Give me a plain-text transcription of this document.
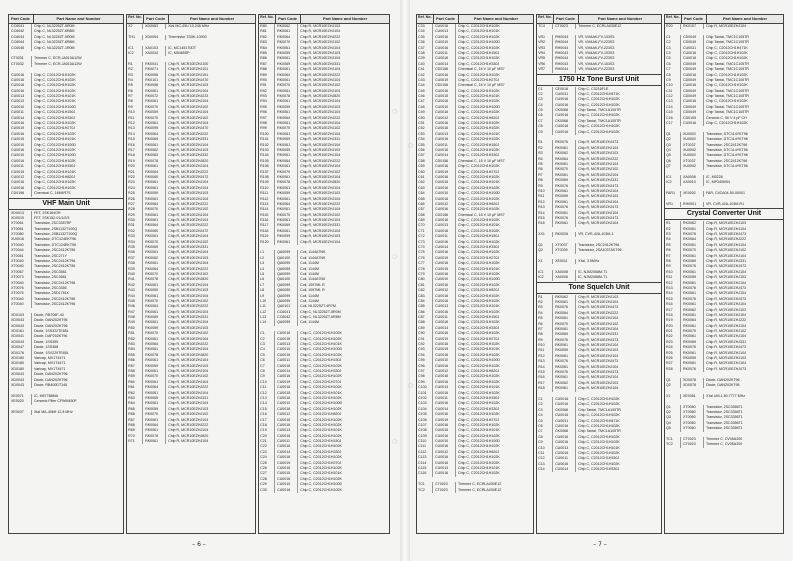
◌
◌
◌
◌
◌
Part Code	Part Name and Number
CC6041	Chip C, NL3225ZT-5R0M
CC6042	Chip C, NL3225ZT-6R8M
CC6043	Chip C, NL3225ZT-5R0M
CC6044	Chip C, NL3225ZT-6R8M
CC6045	Chip C, NL3225ZT-1R0M
CT0031	Trimmer C, ECR-JA010A12W
CT0032	Trimmer C, ECR-JA010A12W
CU0016	Chip C, C2012CH1H102K
CU0016	Chip C, C2012CH1H102K
CU0016	Chip C, C2012CH1H102K
CU0016	Chip C, C2012CH1H102K
CU0013	Chip C, C2012CH1H101K
CU0013	Chip C, C2012CH1H101K
CU0010	Chip C, C2012CH1H100D
CU0011	Chip C, C2012CH1H150J
CU0014	Chip C, C2012CH1H330J
CU0016	Chip C, C2012CH1H102K
CU0019	Chip C, C2012CH1H270J
CU0016	Chip C, C2012CH1H102K
CU0015	Chip C, C2012CH1H101K
CU0010	Chip C, C2012CH1H100D
CU0016	Chip C, C2012CH1H102K
CU0010	Chip C, C2012CH1H100D
CU0016	Chip C, C2012CH1H102K
CU0011	Chip C, C2012CH1H150J
CU0015	Chip C, C2012CH1H101K
CU0012	Chip C, C2012CH1H820J
CU0016	Chip C, C2012CH1H102K
CU0016	Chip C, C2012CH1H102K
CD0196	Chemical C, 16M4R7S
VHF Main Unit
XD0013	FET, 2SK184GR
XD0015	FET, 2SK152-01/1/2/3
XT0061	Transistor, 2SC3357RF
XT0061	Transistor, 2SB1132T100Q
XT0080	Transistor, 2SB1132T100Q
XU0016	Transistor, DTC124EKT96
XT0040	Transistor, DTC124EKT96
XT0044	Transistor, 2SC2412KT96
XT0061	Transistor, 2SC271Y
XT0040	Transistor, 2SC2412KT96
XT0040	Transistor, 2SC2412KT96
XT0067	Transistor, 2SC3581
XT0073	Transistor, 2SC3581
XT0040	Transistor, 2SC2412KT96
XT0076	Transistor, 2SC3356
XT0075	Transistor, 2SD1781K
XT0040	Transistor, 2SC2412KT96
XT0040	Transistor, 2SC2412KT96
XD0103	Diode, RB706F-40
XD0043	Diode, DAN202KT96
XD0043	Diode, DAN202KT96
XD0161	Diode, 1SS322TE85L
XD0041	Diode, DAP202KT96
XD0043	Diode, 1SS355
XD0047	Diode, 1SS368
XD0176	Diode, 1SV229TE85L
XD0180	Varicap, MV1T4471
XD0180	Varicap, MV1T4471
XD0180	Varicap, MV1T4471
XD0043	Diode, DAN202KT96
XD0043	Diode, DAN202KT96
XD0043	Diode, RB400DT146
XE0071	IC, M57788MA
XE0020	Ceramic Filter CFWM450F
XE0037	Xtal MA-406H 12.8 MHz
Ref. No.	Part Code	Part Name and Number
X2	XD0063	Xtal MC-49U 10.245 MHz
TH1	XD0094	Thermistor TD5K-10000
IC1	XA0103	IC, MC145170DT
IC2	XA0034	IC, M5465SP
R1	RK0041	Chip R, MCR10EZHJ100
R2	RK0071	Chip R, MCR10EZHJ101
R3	RK0096	Chip R, MCR10EZHJ151
R4	RK0101	Chip R, MCR10EZHJ470
R5	RK0096	Chip R, MCR10EZHJ103
R6	RK0061	Chip R, MCR10EZHJ104
R7	RK0072	Chip R, MCR10EZHJ223
R8	RK0061	Chip R, MCR10EZHJ104
R9	RK0070	Chip R, MCR10EZHJ102
R10	RK0059	Chip R, MCR10EZHJ104
R11	RK0070	Chip R, MCR10EZHJ102
R12	RK0061	Chip R, MCR10EZHJ104
R13	RK0095	Chip R, MCR10EZHJ470
R14	RK0064	Chip R, MCR10EZHJ222
R15	RK0069	Chip R, MCR10EZHJ331
R16	RK0061	Chip R, MCR10EZHJ104
R17	RK0062	Chip R, MCR10EZHJ103
R18	RK0083	Chip R, MCR10EZHJ332
R19	RK0078	Chip R, MCR10EZHJ820
R20	RK0061	Chip R, MCR10EZHJ104
R21	RK0064	Chip R, MCR10EZHJ222
R22	RK0060	Chip R, MCR10EZHJ472
R23	RK0061	Chip R, MCR10EZHJ104
R24	RK0061	Chip R, MCR10EZHJ104
R25	RK0059	Chip R, MCR10EZHJ103
R26	RK0061	Chip R, MCR10EZHJ104
R27	RK0064	Chip R, MCR10EZHJ222
R28	RK0070	Chip R, MCR10EZHJ102
R29	RK0061	Chip R, MCR10EZHJ104
R30	RK0061	Chip R, MCR10EZHJ104
R31	RK0064	Chip R, MCR10EZHJ222
R32	RK0060	Chip R, MCR10EZHJ472
R33	RK0061	Chip R, MCR10EZHJ104
R34	RK0070	Chip R, MCR10EZHJ102
R35	RK0069	Chip R, MCR10EZHJ331
R36	RK0061	Chip R, MCR10EZHJ104
R37	RK0062	Chip R, MCR10EZHJ103
R38	RK0061	Chip R, MCR10EZHJ104
R39	RK0064	Chip R, MCR10EZHJ222
R40	RK0070	Chip R, MCR10EZHJ102
R41	RK0078	Chip R, MCR10EZHJ820
R42	RK0061	Chip R, MCR10EZHJ104
R43	RK0059	Chip R, MCR10EZHJ103
R44	RK0061	Chip R, MCR10EZHJ104
R45	RK0070	Chip R, MCR10EZHJ102
R46	RK0064	Chip R, MCR10EZHJ222
R47	RK0061	Chip R, MCR10EZHJ104
R48	RK0069	Chip R, MCR10EZHJ331
R49	RK0061	Chip R, MCR10EZHJ104
R50	RK0059	Chip R, MCR10EZHJ103
R51	RK0070	Chip R, MCR10EZHJ102
R52	RK0061	Chip R, MCR10EZHJ104
R53	RK0064	Chip R, MCR10EZHJ222
R54	RK0061	Chip R, MCR10EZHJ104
R55	RK0078	Chip R, MCR10EZHJ820
R56	RK0061	Chip R, MCR10EZHJ104
R57	RK0059	Chip R, MCR10EZHJ103
R58	RK0061	Chip R, MCR10EZHJ104
R59	RK0070	Chip R, MCR10EZHJ102
R60	RK0061	Chip R, MCR10EZHJ104
R61	RK0064	Chip R, MCR10EZHJ222
R62	RK0061	Chip R, MCR10EZHJ104
R63	RK0069	Chip R, MCR10EZHJ331
R64	RK0061	Chip R, MCR10EZHJ104
R65	RK0059	Chip R, MCR10EZHJ103
R66	RK0070	Chip R, MCR10EZHJ102
R67	RK0061	Chip R, MCR10EZHJ104
R68	RK0064	Chip R, MCR10EZHJ222
R69	RK0061	Chip R, MCR10EZHJ104
R70	RK0078	Chip R, MCR10EZHJ820
R71	RK0061	Chip R, MCR10EZHJ104
Ref. No.	Part Code	Part Name and Number
R80	RK0062	Chip R, MCR10EZHJ103
R81	RK0061	Chip R, MCR10EZHJ104
R82	RK0064	Chip R, MCR10EZHJ222
R83	RK0070	Chip R, MCR10EZHJ102
R84	RK0061	Chip R, MCR10EZHJ104
R85	RK0059	Chip R, MCR10EZHJ103
R86	RK0061	Chip R, MCR10EZHJ104
R87	RK0069	Chip R, MCR10EZHJ331
R88	RK0061	Chip R, MCR10EZHJ104
R89	RK0064	Chip R, MCR10EZHJ222
R90	RK0061	Chip R, MCR10EZHJ104
R91	RK0070	Chip R, MCR10EZHJ102
R92	RK0061	Chip R, MCR10EZHJ104
R93	RK0078	Chip R, MCR10EZHJ820
R94	RK0061	Chip R, MCR10EZHJ104
R95	RK0059	Chip R, MCR10EZHJ103
R96	RK0061	Chip R, MCR10EZHJ104
R97	RK0064	Chip R, MCR10EZHJ222
R98	RK0061	Chip R, MCR10EZHJ104
R99	RK0070	Chip R, MCR10EZHJ102
R100	RK0061	Chip R, MCR10EZHJ104
R101	RK0069	Chip R, MCR10EZHJ331
R102	RK0061	Chip R, MCR10EZHJ104
R103	RK0059	Chip R, MCR10EZHJ103
R104	RK0061	Chip R, MCR10EZHJ104
R105	RK0064	Chip R, MCR10EZHJ222
R106	RK0061	Chip R, MCR10EZHJ104
R107	RK0070	Chip R, MCR10EZHJ102
R108	RK0061	Chip R, MCR10EZHJ104
R109	RK0078	Chip R, MCR10EZHJ820
R110	RK0061	Chip R, MCR10EZHJ104
R111	RK0059	Chip R, MCR10EZHJ103
R112	RK0061	Chip R, MCR10EZHJ104
R113	RK0064	Chip R, MCR10EZHJ222
R114	RK0061	Chip R, MCR10EZHJ104
R115	RK0070	Chip R, MCR10EZHJ102
R116	RK0061	Chip R, MCR10EZHJ104
R117	RK0069	Chip R, MCR10EZHJ331
R118	RK0061	Chip R, MCR10EZHJ104
R119	RK0059	Chip R, MCR10EZHJ103
R120	RK0061	Chip R, MCR10EZHJ104
L1	QA0099	Coil, 1144A7NK
L2	QA0100	Coil, 1144A7NK
L3	QA0099	Coil, 1144M
L4	QA0055	Coil, 1144M
L5	QA0099	Coil, 1144M
L6	QA0100	Coil, 1144A7NK
L7	QA0099	Coil, 1097ML R
L8	QA0055	Coil, 1097ML R
L9	QA0099	Coil, 1144M
L10	QA0099	Coil, 1144M
L11	QA0101	Coil, NL3225ZT-4R7M
L12	CC6041	Chip C, NL3225ZT-5R0M
L13	CC6042	Chip C, NL3225ZT-6R8M
L14	QA0099	Coil, 1144M
C1	CU0016	Chip C, C2012CH1H102K
C2	CU0016	Chip C, C2012CH1H102K
C3	CU0013	Chip C, C2012CH1H101K
C4	CU0010	Chip C, C2012CH1H100D
C5	CU0016	Chip C, C2012CH1H102K
C6	CU0011	Chip C, C2012CH1H150J
C7	CU0016	Chip C, C2012CH1H102K
C8	CU0014	Chip C, C2012CH1H330J
C9	CU0016	Chip C, C2012CH1H102K
C10	CU0019	Chip C, C2012CH1H270J
C11	CU0016	Chip C, C2012CH1H102K
C12	CU0015	Chip C, C2012CH1H101K
C13	CU0016	Chip C, C2012CH1H102K
C14	CU0010	Chip C, C2012CH1H100D
C15	CU0016	Chip C, C2012CH1H102K
C16	CU0012	Chip C, C2012CH1H820J
C17	CU0016	Chip C, C2012CH1H102K
C18	CU0016	Chip C, C2012CH1H102K
C19	CU0013	Chip C, C2012CH1H101K
C20	CU0016	Chip C, C2012CH1H102K
C21	CU0011	Chip C, C2012CH1H150J
C22	CU0016	Chip C, C2012CH1H102K
C23	CU0014	Chip C, C2012CH1H330J
C24	CU0016	Chip C, C2012CH1H102K
C25	CU0019	Chip C, C2012CH1H270J
C26	CU0016	Chip C, C2012CH1H102K
C27	CU0015	Chip C, C2012CH1H101K
C28	CU0016	Chip C, C2012CH1H102K
C29	CU0010	Chip C, C2012CH1H100D
C30	CU0016	Chip C, C2012CH1H102K
– 6 –
Ref. No.	Part Code	Part Name and Number
C33	CU0016	Chip C, C2012CH1H102K
C34	CU0013	Chip C, C2012CH1H101K
C35	CU0016	Chip C, C2012CH1H102K
C36	CU0010	Chip C, C2012CH1H100D
C37	CU0016	Chip C, C2012CH1H102K
C38	CU0011	Chip C, C2012CH1H150J
C39	CU0016	Chip C, C2012CH1H102K
C40	CU0014	Chip C, C2012CH1H330J
C41	CD0156	Chemical C, 16 V 10 µF MS7
C42	CU0016	Chip C, C2012CH1H102K
C43	CU0019	Chip C, C2012CH1H270J
C44	CD0156	Chemical C, 16 V 10 µF MS7
C45	CU0016	Chip C, C2012CH1H102K
C46	CU0015	Chip C, C2012CH1H101K
C47	CU0016	Chip C, C2012CH1H102K
C48	CU0010	Chip C, C2012CH1H100D
C49	CU0016	Chip C, C2012CH1H102K
C50	CU0012	Chip C, C2012CH1H820J
C51	CU0016	Chip C, C2012CH1H102K
C52	CU0016	Chip C, C2012CH1H102K
C53	CU0013	Chip C, C2012CH1H101K
C54	CU0016	Chip C, C2012CH1H102K
C55	CU0011	Chip C, C2012CH1H150J
C56	CU0016	Chip C, C2012CH1H102K
C57	CU0014	Chip C, C2012CH1H330J
C58	CD0156	Chemical C, 16 V 10 µF MS7
C59	CU0016	Chip C, C2012CH1H102K
C60	CU0019	Chip C, C2012CH1H270J
C61	CU0016	Chip C, C2012CH1H102K
C62	CU0015	Chip C, C2012CH1H101K
C63	CU0016	Chip C, C2012CH1H102K
C64	CU0010	Chip C, C2012CH1H100D
C65	CU0016	Chip C, C2012CH1H102K
C66	CU0012	Chip C, C2012CH1H820J
C67	CU0016	Chip C, C2012CH1H102K
C68	CD0156	Chemical C, 16 V 10 µF MS7
C69	CU0016	Chip C, C2012CH1H102K
C70	CU0013	Chip C, C2012CH1H101K
C71	CU0016	Chip C, C2012CH1H102K
C72	CU0011	Chip C, C2012CH1H150J
C73	CU0016	Chip C, C2012CH1H102K
C74	CU0014	Chip C, C2012CH1H330J
C75	CU0016	Chip C, C2012CH1H102K
C76	CU0019	Chip C, C2012CH1H270J
C77	CU0016	Chip C, C2012CH1H102K
C78	CU0015	Chip C, C2012CH1H101K
C79	CU0016	Chip C, C2012CH1H102K
C80	CU0010	Chip C, C2012CH1H100D
C81	CU0016	Chip C, C2012CH1H102K
C82	CU0012	Chip C, C2012CH1H820J
C83	CU0016	Chip C, C2012CH1H102K
C84	CU0016	Chip C, C2012CH1H102K
C85	CU0013	Chip C, C2012CH1H101K
C86	CU0016	Chip C, C2012CH1H102K
C87	CU0011	Chip C, C2012CH1H150J
C88	CU0016	Chip C, C2012CH1H102K
C89	CU0014	Chip C, C2012CH1H330J
C90	CU0016	Chip C, C2012CH1H102K
C91	CU0019	Chip C, C2012CH1H270J
C92	CU0016	Chip C, C2012CH1H102K
C93	CU0015	Chip C, C2012CH1H101K
C94	CU0016	Chip C, C2012CH1H102K
C95	CU0010	Chip C, C2012CH1H100D
C96	CU0016	Chip C, C2012CH1H102K
C97	CU0012	Chip C, C2012CH1H820J
C98	CU0016	Chip C, C2012CH1H102K
C99	CU0016	Chip C, C2012CH1H102K
C100	CU0013	Chip C, C2012CH1H101K
C101	CU0016	Chip C, C2012CH1H102K
C102	CU0011	Chip C, C2012CH1H150J
C103	CU0016	Chip C, C2012CH1H102K
C104	CU0014	Chip C, C2012CH1H330J
C105	CU0016	Chip C, C2012CH1H102K
C106	CU0019	Chip C, C2012CH1H270J
C107	CU0016	Chip C, C2012CH1H102K
C108	CU0015	Chip C, C2012CH1H101K
C109	CU0016	Chip C, C2012CH1H102K
C110	CU0010	Chip C, C2012CH1H100D
C111	CU0016	Chip C, C2012CH1H102K
C112	CU0012	Chip C, C2012CH1H820J
C113	CU0016	Chip C, C2012CH1H102K
C114	CU0016	Chip C, C2012CH1H102K
C115	CU0013	Chip C, C2012CH1H101K
C116	CU0016	Chip C, C2012CH1H102K
TC1	CT0023	Trimmer C, ECRLA030E12
TC2	CT0023	Trimmer C, ECRLA030E12
Ref. No.	Part Code	Part Name and Number
TC4	CT0023	Trimmer C, ECRLA030E12
VR1	RH0043	VR, VM4AK-FV-103S3
VR2	RH0044	VR, VM4AK-FV-223S3
VR3	RH0044	VR, VM4AK-FV-223S3
VR4	RH0043	VR, VM4AK-FV-103S3
VR5	RH0044	VR, VM4AK-FV-223S3
VR6	RH0043	VR, VM4AK-FV-103S3
VR7	RH0044	VR, VM4AK-FV-223S3
1750 Hz Tone Burst Unit
C1	CE0018	Chip C, C3216F1E
C2	CU0031	Chip C, C2012CH1H471K
C3	CU0016	Chip C, C2012CH1H102K
C4	CU0016	Chip C, C2012CH1H102K
C5	CK0068	Chip Tantal, TMC1A105TR
C6	CU0016	Chip C, C2012CH1H102K
C7	CK0068	Chip Tantal, TMC1A105TR
C8	CU0016	Chip C, C2012CH1H102K
C9	CU0016	Chip C, C2012CH1H102K
R1	RK0076	Chip R, MCR10EZHJ473
R2	RK0061	Chip R, MCR10EZHJ104
R3	RK0062	Chip R, MCR10EZHJ103
R4	RK0064	Chip R, MCR10EZHJ222
R5	RK0061	Chip R, MCR10EZHJ104
R6	RK0070	Chip R, MCR10EZHJ102
R7	RK0061	Chip R, MCR10EZHJ104
R8	RK0069	Chip R, MCR10EZHJ331
R9	RK0076	Chip R, MCR10EZHJ473
R10	RK0061	Chip R, MCR10EZHJ104
R11	RK0059	Chip R, MCR10EZHJ103
R12	RK0061	Chip R, MCR10EZHJ104
R13	RK0076	Chip R, MCR10EZHJ473
R14	RK0061	Chip R, MCR10EZHJ104
R15	RK0076	Chip R, MCR10EZHJ473
R16	RK0061	Chip R, MCR10EZHJ104
XX1	RK0026	VR, CVR-42A-103M-1
Q1	XT0037	Transistor, 2SC2412KT96
Q2	XT0039	Transistor, 2SA1037AKT96
X1	XE0011	X'tal, 3.5MHz
IC1	XA0008	IC, NJM2068M-T1
IC2	XA0008	IC, NJM2068M-T1
Tone Squelch Unit
R1	RK0062	Chip R, MCR10EZHJ103
R2	RK0061	Chip R, MCR10EZHJ104
R3	RK0076	Chip R, MCR10EZHJ473
R4	RK0064	Chip R, MCR10EZHJ222
R5	RK0061	Chip R, MCR10EZHJ104
R6	RK0070	Chip R, MCR10EZHJ102
R7	RK0061	Chip R, MCR10EZHJ104
R8	RK0069	Chip R, MCR10EZHJ331
R9	RK0076	Chip R, MCR10EZHJ473
R10	RK0061	Chip R, MCR10EZHJ104
R11	RK0059	Chip R, MCR10EZHJ103
R12	RK0061	Chip R, MCR10EZHJ104
R13	RK0076	Chip R, MCR10EZHJ473
R14	RK0061	Chip R, MCR10EZHJ104
R15	RK0076	Chip R, MCR10EZHJ473
R16	RK0061	Chip R, MCR10EZHJ104
R17	RK0062	Chip R, MCR10EZHJ103
R18	RK0061	Chip R, MCR10EZHJ104
C1	CU0016	Chip C, C2012CH1H102K
C2	CU0016	Chip C, C2012CH1H102K
C3	CK0068	Chip Tantal, TMC1A105TR
C4	CU0016	Chip C, C2012CH1H102K
C5	CU0031	Chip C, C2012CH1H471K
C6	CU0016	Chip C, C2012CH1H102K
C7	CK0068	Chip Tantal, TMC1A105TR
C8	CU0016	Chip C, C2012CH1H102K
C9	CU0016	Chip C, C2012CH1H102K
C10	CU0013	Chip C, C2012CH1H101K
C11	CU0016	Chip C, C2012CH1H102K
C12	CU0011	Chip C, C2012CH1H150J
C13	CU0016	Chip C, C2012CH1H102K
C14	CU0014	Chip C, C2012CH1H330J
Ref. No.	Part Code	Part Name and Number
R20	RK0107	Chip R, MCR10EZHJ104
C1	CD0049	Chip Tantal, TMC1C105TR
C2	CD0049	Chip Tantal, TMC1C105TR
C3	CU0031	Chip C, C2012CH1H471K
C4	CU0016	Chip C, C2012CH1H102K
C5	CU0016	Chip C, C2012CH1H102K
C6	CD0049	Chip Tantal, TMC1C105TR
C7	CD0049	Chip Tantal, TMC1C105TR
C8	CU0016	Chip C, C2012CH1H102K
C9	CD0049	Chip Tantal, TMC1C105TR
C10	CU0016	Chip C, C2012CH1H102K
C11	CD0049	Chip Tantal, TMC1C105TR
C12	CD0049	Chip Tantal, TMC1C105TR
C13	CU0016	Chip C, C2012CH1H102K
C14	CD0049	Chip Tantal, TMC1C105TR
C15	CD0049	Chip Tantal, TMC1C105TR
C16	CD0105	Ceramic C, 50 V 4 pF CH
C17	CU0016	Chip C, C2012CH1H102K
Q1	XU0002	Transistor, DTC114YKT96
Q2	XU0002	Transistor, DTC114YKT96
Q3	XT0037	Transistor, 2SC2412KT96
Q4	XU0002	Transistor, DTC114YKT96
Q5	XU0002	Transistor, DTC114YKT96
Q6	XT0037	Transistor, 2SC2412KT96
Q7	XU0002	Transistor, DTC114YKT96
IC1	XA0008	IC, M5228
IC2	XA0010	IC, MP3406SN
FAR1	XE0002	FAR, C4CA04-50-00001
VR1	RH0001	VR, CVR-42A-103M-R1
Crystal Converter Unit
R1	RK0062	Chip R, MCR10EZHJ103
R2	RK0061	Chip R, MCR10EZHJ104
R3	RK0076	Chip R, MCR10EZHJ473
R4	RK0064	Chip R, MCR10EZHJ222
R5	RK0061	Chip R, MCR10EZHJ104
R6	RK0070	Chip R, MCR10EZHJ102
R7	RK0061	Chip R, MCR10EZHJ104
R8	RK0069	Chip R, MCR10EZHJ331
R9	RK0076	Chip R, MCR10EZHJ473
R10	RK0061	Chip R, MCR10EZHJ104
R11	RK0059	Chip R, MCR10EZHJ103
R12	RK0061	Chip R, MCR10EZHJ104
R13	RK0076	Chip R, MCR10EZHJ473
R14	RK0061	Chip R, MCR10EZHJ104
R15	RK0076	Chip R, MCR10EZHJ473
R16	RK0061	Chip R, MCR10EZHJ104
R17	RK0062	Chip R, MCR10EZHJ103
R18	RK0061	Chip R, MCR10EZHJ104
R19	RK0064	Chip R, MCR10EZHJ222
R20	RK0061	Chip R, MCR10EZHJ104
R21	RK0070	Chip R, MCR10EZHJ102
R22	RK0061	Chip R, MCR10EZHJ104
R23	RK0069	Chip R, MCR10EZHJ331
R24	RK0076	Chip R, MCR10EZHJ473
R25	RK0061	Chip R, MCR10EZHJ104
R26	RK0059	Chip R, MCR10EZHJ103
R27	RK0061	Chip R, MCR10EZHJ104
R28	RK0076	Chip R, MCR10EZHJ473
Q1	XD0078	Diode, DAN202KT96
Q2	XD0078	Diode, DAN202KT96
X1	XE0061	X'tal UM-1 80.7777 MHz
Q1	XT0060	Transistor, 2SC3356T1
Q2	XT0060	Transistor, 2SC3356T1
Q3	XT0060	Transistor, 2SC3356T1
Q4	XT0060	Transistor, 2SC3356T1
Q5	XT0060	Transistor, 2SC3356T1
TC1	CT0023	Trimmer C, CV05A200
TC2	CT0023	Trimmer C, CV05A200
– 7 –
